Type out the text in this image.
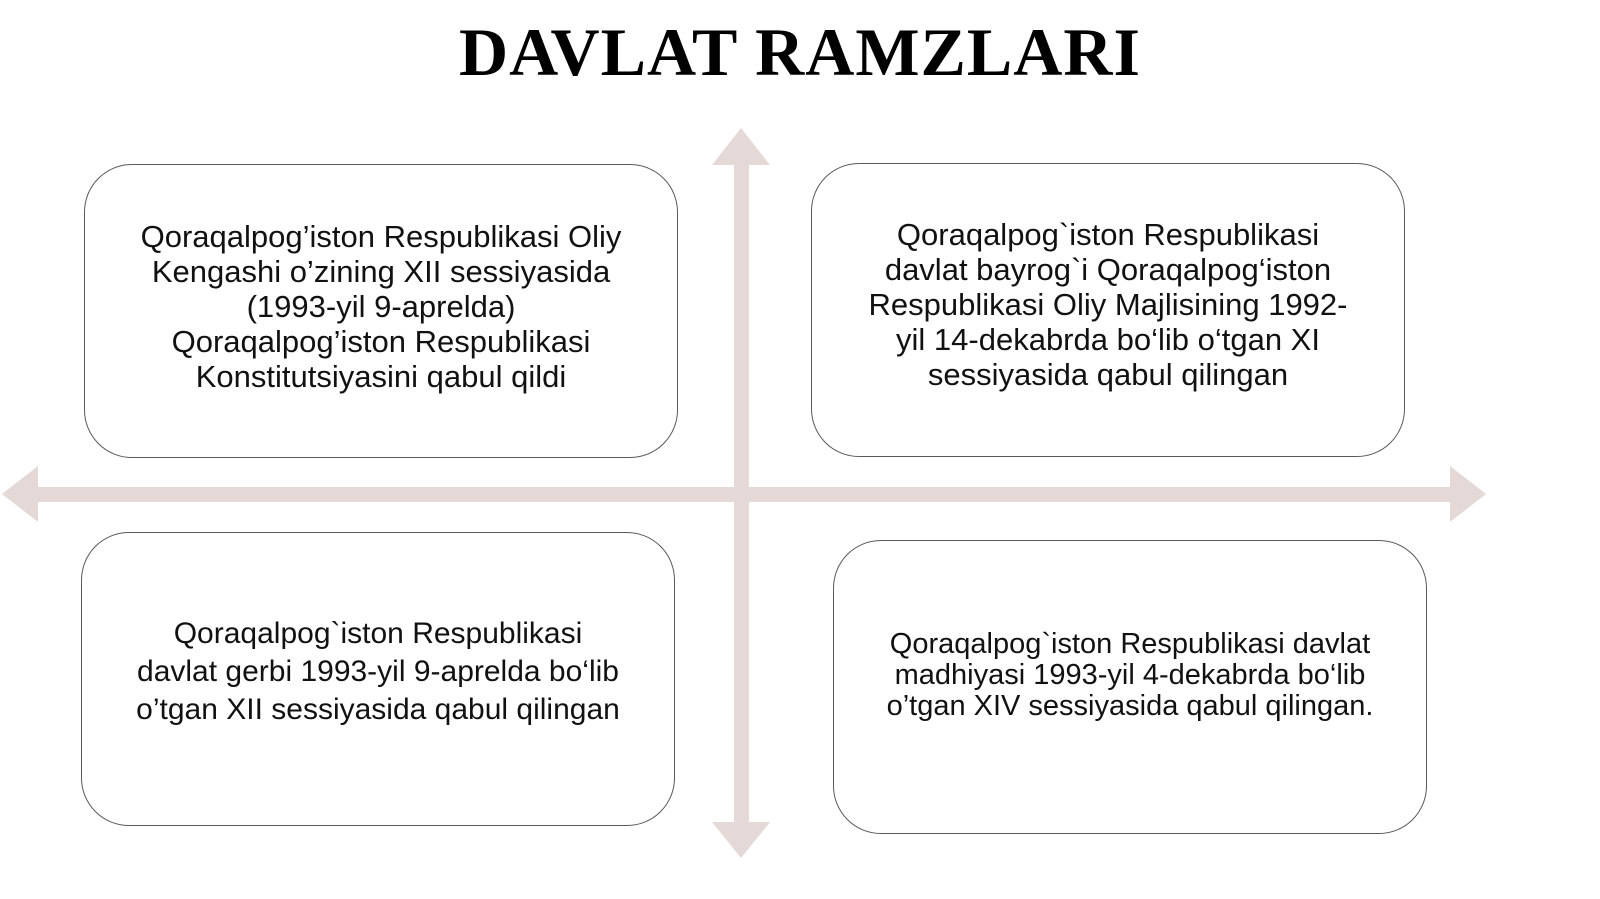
DAVLAT RAMZLARI
Qoraqalpog’iston Respublikasi Oliy
Kengashi o’zining XII sessiyasida
(1993-yil 9-aprelda)
Qoraqalpog’iston Respublikasi
Konstitutsiyasini qabul qildi
Qoraqalpog`iston Respublikasi
davlat bayrog`i Qoraqalpog‘iston
Respublikasi Oliy Majlisining 1992-
yil 14-dekabrda bo‘lib o‘tgan XI
sessiyasida qabul qilingan
Qoraqalpog`iston Respublikasi
davlat gerbi 1993-yil 9-aprelda bo‘lib
o’tgan XII sessiyasida qabul qilingan
Qoraqalpog`iston Respublikasi davlat
madhiyasi 1993-yil 4-dekabrda bo‘lib
o’tgan XIV sessiyasida qabul qilingan.
